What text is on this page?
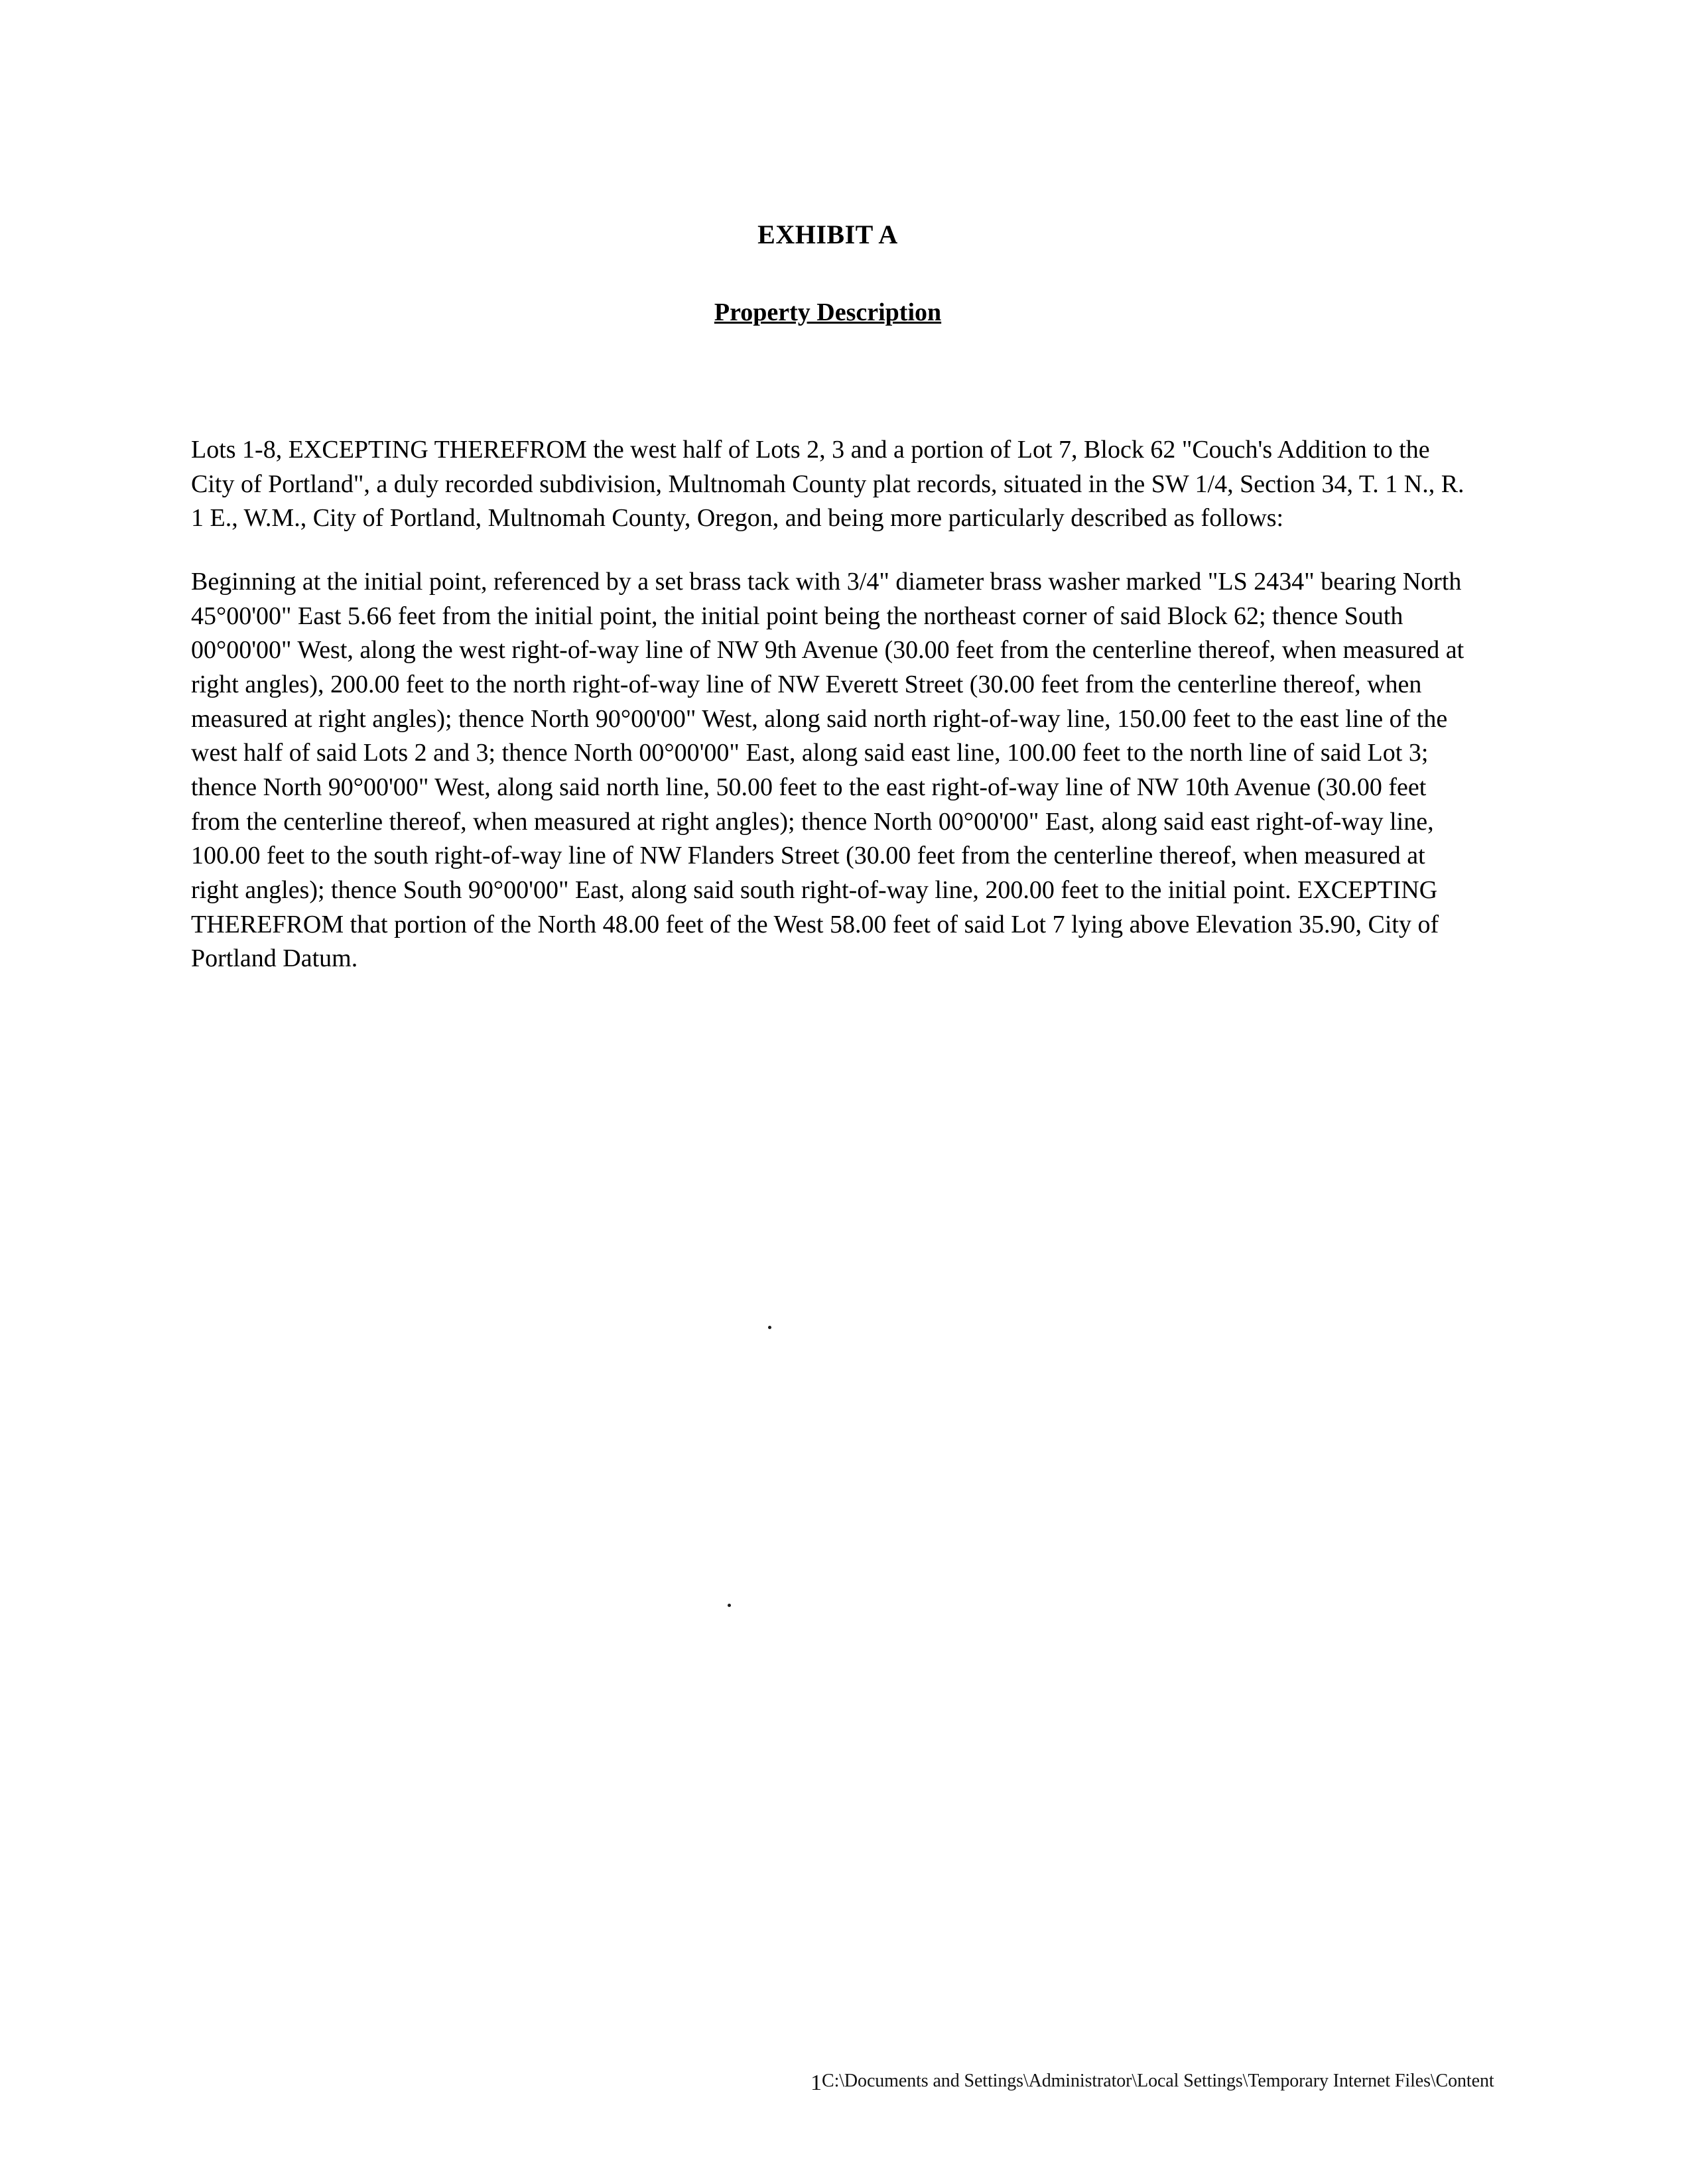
EXHIBIT A
Property Description

Lots 1-8, EXCEPTING THEREFROM the west half of Lots 2, 3 and a portion of Lot 7, Block 62 "Couch's Addition to the City of Portland", a duly recorded subdivision, Multnomah County plat records, situated in the SW 1/4, Section 34, T. 1 N., R. 1 E., W.M., City of Portland, Multnomah County, Oregon, and being more particularly described as follows:

Beginning at the initial point, referenced by a set brass tack with 3/4" diameter brass washer marked "LS 2434" bearing North 45°00'00" East 5.66 feet from the initial point, the initial point being the northeast corner of said Block 62; thence South 00°00'00" West, along the west right-of-way line of NW 9th Avenue (30.00 feet from the centerline thereof, when measured at right angles), 200.00 feet to the north right-of-way line of NW Everett Street (30.00 feet from the centerline thereof, when measured at right angles); thence North 90°00'00" West, along said north right-of-way line, 150.00 feet to the east line of the west half of said Lots 2 and 3; thence North 00°00'00" East, along said east line, 100.00 feet to the north line of said Lot 3; thence North 90°00'00" West, along said north line, 50.00 feet to the east right-of-way line of NW 10th Avenue (30.00 feet from the centerline thereof, when measured at right angles); thence North 00°00'00" East, along said east right-of-way line, 100.00 feet to the south right-of-way line of NW Flanders Street (30.00 feet from the centerline thereof, when measured at right angles); thence South 90°00'00" East, along said south right-of-way line, 200.00 feet to the initial point. EXCEPTING THEREFROM that portion of the North 48.00 feet of the West 58.00 feet of said Lot 7 lying above Elevation 35.90, City of Portland Datum.

1C:\Documents and Settings\Administrator\Local Settings\Temporary Internet Files\Content
